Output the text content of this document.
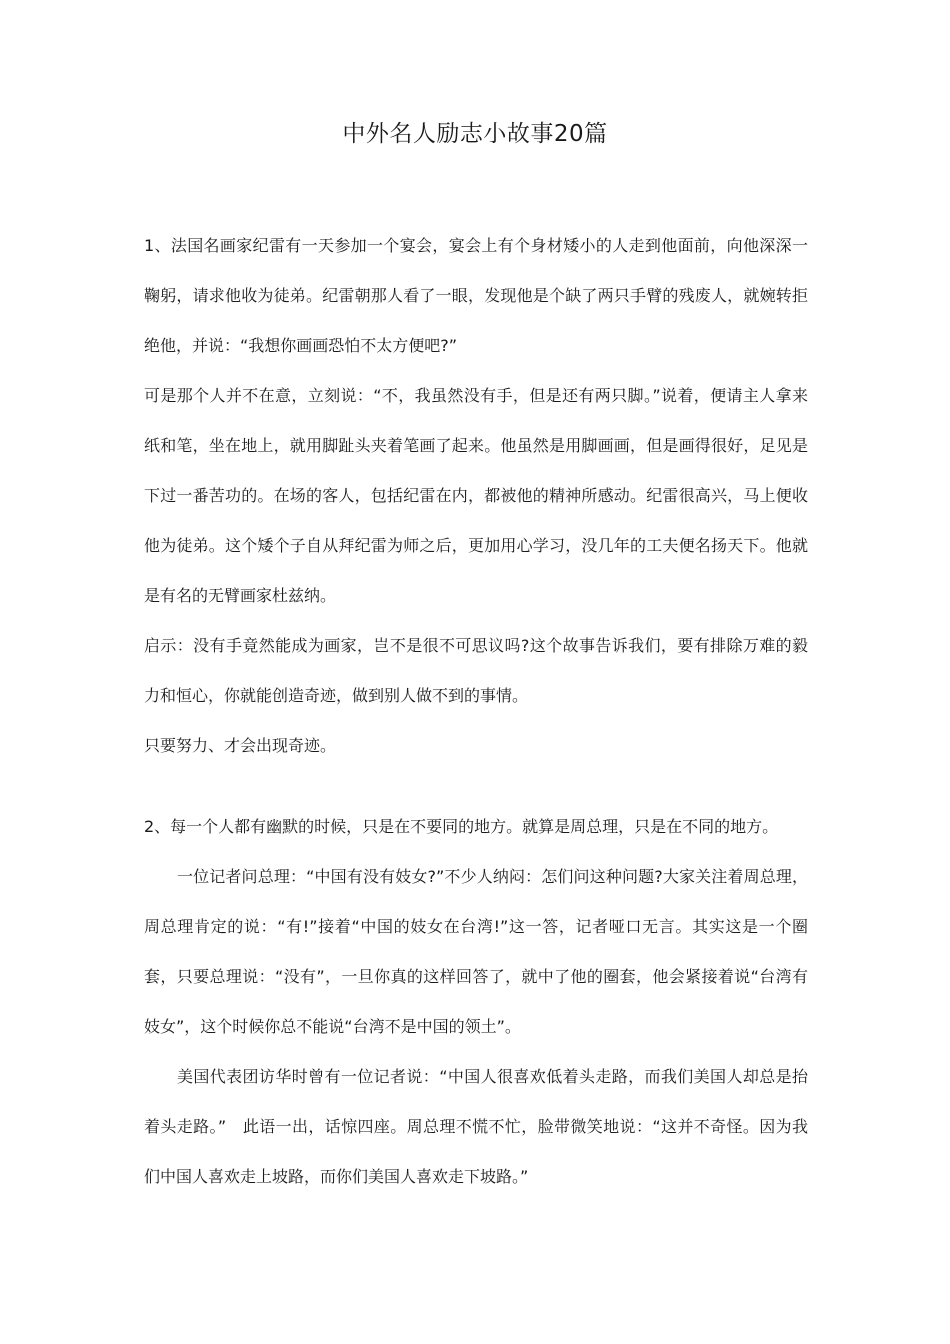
中外名人励志小故事20篇

1、法国名画家纪雷有一天参加一个宴会，宴会上有个身材矮小的人走到他面前，向他深深一鞠躬，请求他收为徒弟。纪雷朝那人看了一眼，发现他是个缺了两只手臂的残废人，就婉转拒绝他，并说：“我想你画画恐怕不太方便吧?”

可是那个人并不在意，立刻说：“不，我虽然没有手，但是还有两只脚。”说着，便请主人拿来纸和笔，坐在地上，就用脚趾头夹着笔画了起来。他虽然是用脚画画，但是画得很好，足见是下过一番苦功的。在场的客人，包括纪雷在内，都被他的精神所感动。纪雷很高兴，马上便收他为徒弟。这个矮个子自从拜纪雷为师之后，更加用心学习，没几年的工夫便名扬天下。他就是有名的无臂画家杜兹纳。

启示：没有手竟然能成为画家，岂不是很不可思议吗?这个故事告诉我们，要有排除万难的毅力和恒心，你就能创造奇迹，做到别人做不到的事情。

只要努力、才会出现奇迹。

2、每一个人都有幽默的时候，只是在不要同的地方。就算是周总理，只是在不同的地方。

一位记者问总理：“中国有没有妓女?”不少人纳闷：怎们问这种问题?大家关注着周总理，周总理肯定的说：“有!”接着“中国的妓女在台湾!”这一答，记者哑口无言。其实这是一个圈套，只要总理说：“没有”，一旦你真的这样回答了，就中了他的圈套，他会紧接着说“台湾有妓女”，这个时候你总不能说“台湾不是中国的领土”。

美国代表团访华时曾有一位记者说：“中国人很喜欢低着头走路，而我们美国人却总是抬着头走路。”　此语一出，话惊四座。周总理不慌不忙，脸带微笑地说：“这并不奇怪。因为我们中国人喜欢走上坡路，而你们美国人喜欢走下坡路。”
